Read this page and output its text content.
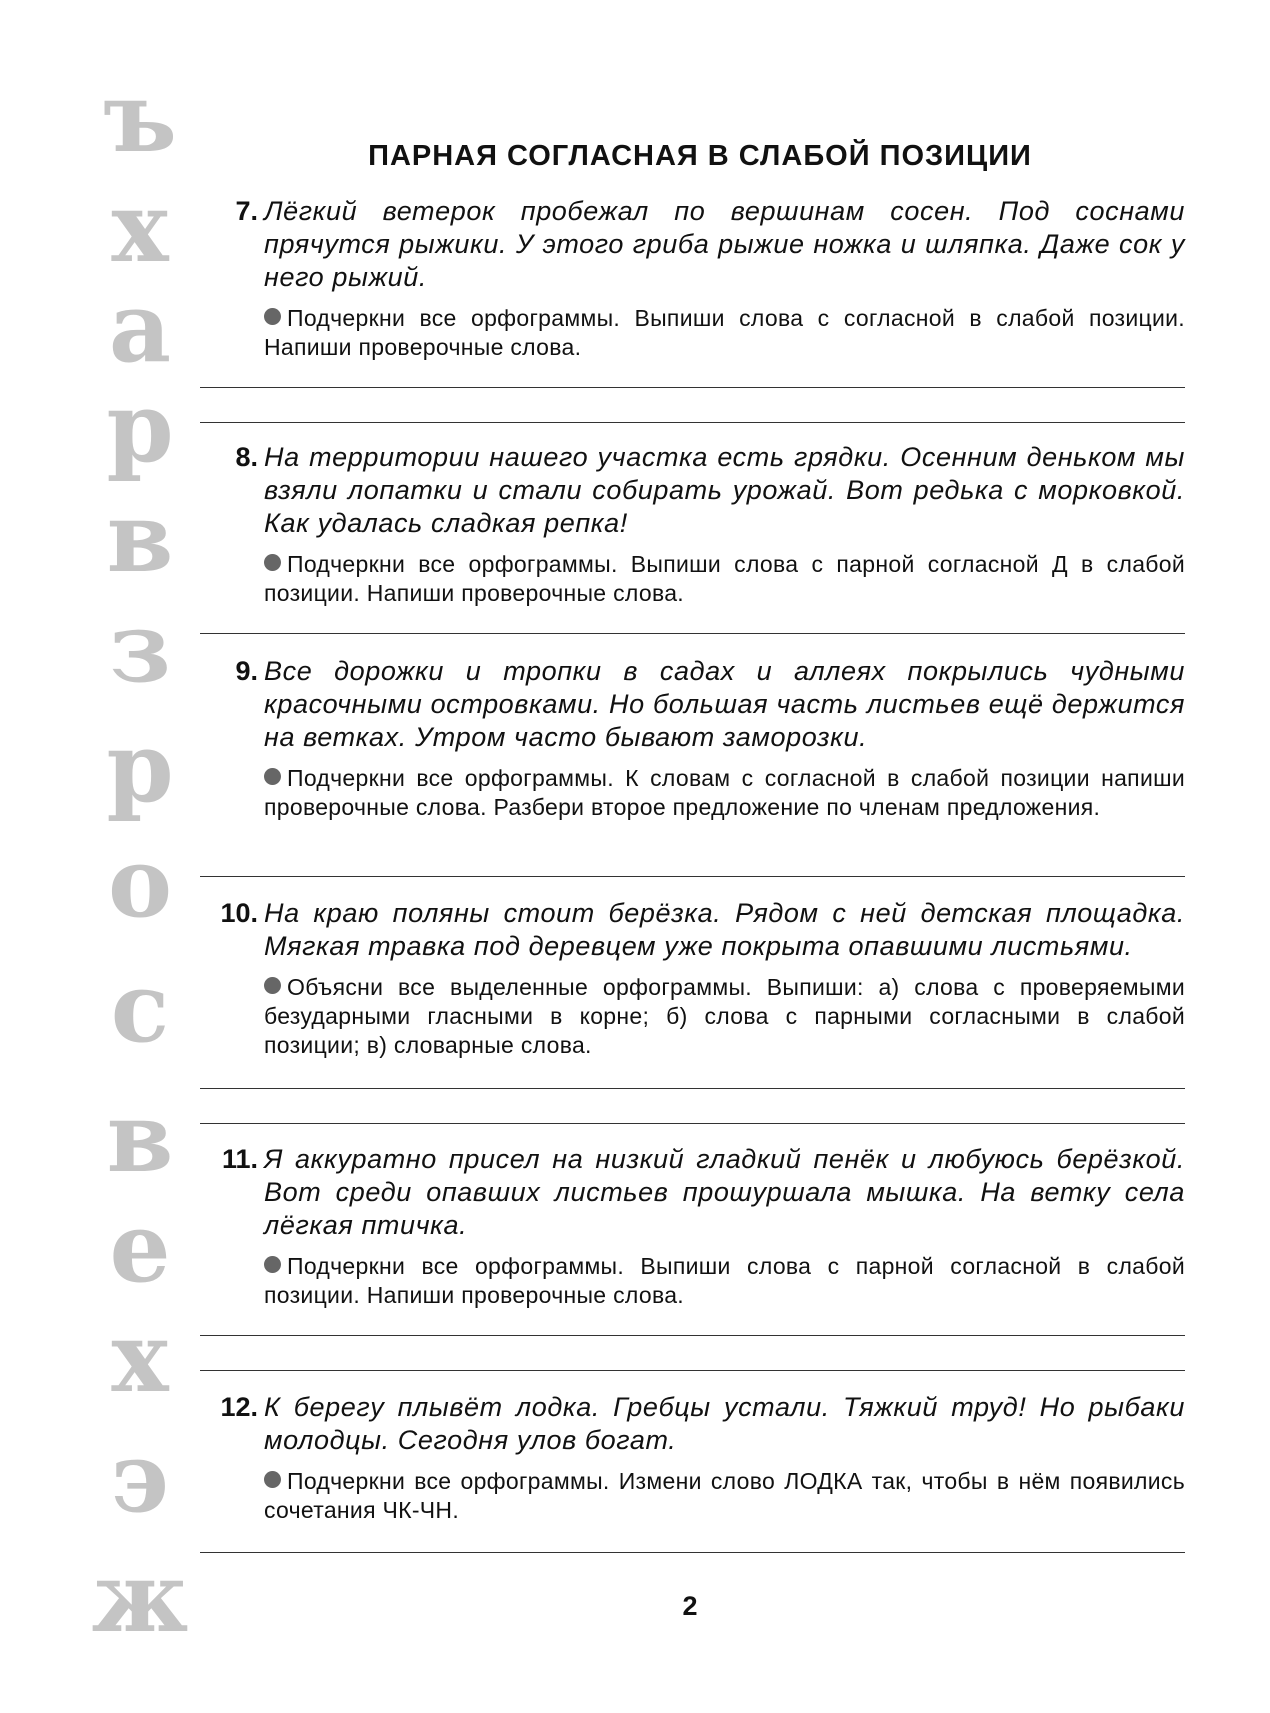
ъ
х
а
р
в
з
р
о
с
в
е
х
э
ж
ПАРНАЯ СОГЛАСНАЯ В СЛАБОЙ ПОЗИЦИИ
7. Лёгкий ветерок пробежал по вершинам сосен. Под соснами прячутся рыжики. У этого гриба рыжие ножка и шляпка. Даже сок у него рыжий.
Подчеркни все орфограммы. Выпиши слова с согласной в слабой позиции. Напиши проверочные слова.
8. На территории нашего участка есть грядки. Осенним деньком мы взяли лопатки и стали собирать урожай. Вот редька с морковкой. Как удалась сладкая репка!
Подчеркни все орфограммы. Выпиши слова с парной согласной Д в слабой позиции. Напиши проверочные слова.
9. Все дорожки и тропки в садах и аллеях покрылись чудными красочными островками. Но большая часть листьев ещё держится на ветках. Утром часто бывают заморозки.
Подчеркни все орфограммы. К словам с согласной в слабой позиции напиши проверочные слова. Разбери второе предложение по членам предложения.
10. На краю поляны стоит берёзка. Рядом с ней детская площадка. Мягкая травка под деревцем уже покрыта опавшими листьями.
Объясни все выделенные орфограммы. Выпиши: а) слова с проверяемыми безударными гласными в корне; б) слова с парными согласными в слабой позиции; в) словарные слова.
11. Я аккуратно присел на низкий гладкий пенёк и любуюсь берёзкой. Вот среди опавших листьев прошуршала мышка. На ветку села лёгкая птичка.
Подчеркни все орфограммы. Выпиши слова с парной согласной в слабой позиции. Напиши проверочные слова.
12. К берегу плывёт лодка. Гребцы устали. Тяжкий труд! Но рыбаки молодцы. Сегодня улов богат.
Подчеркни все орфограммы. Измени слово ЛОДКА так, чтобы в нём появились сочетания ЧК-ЧН.
2
